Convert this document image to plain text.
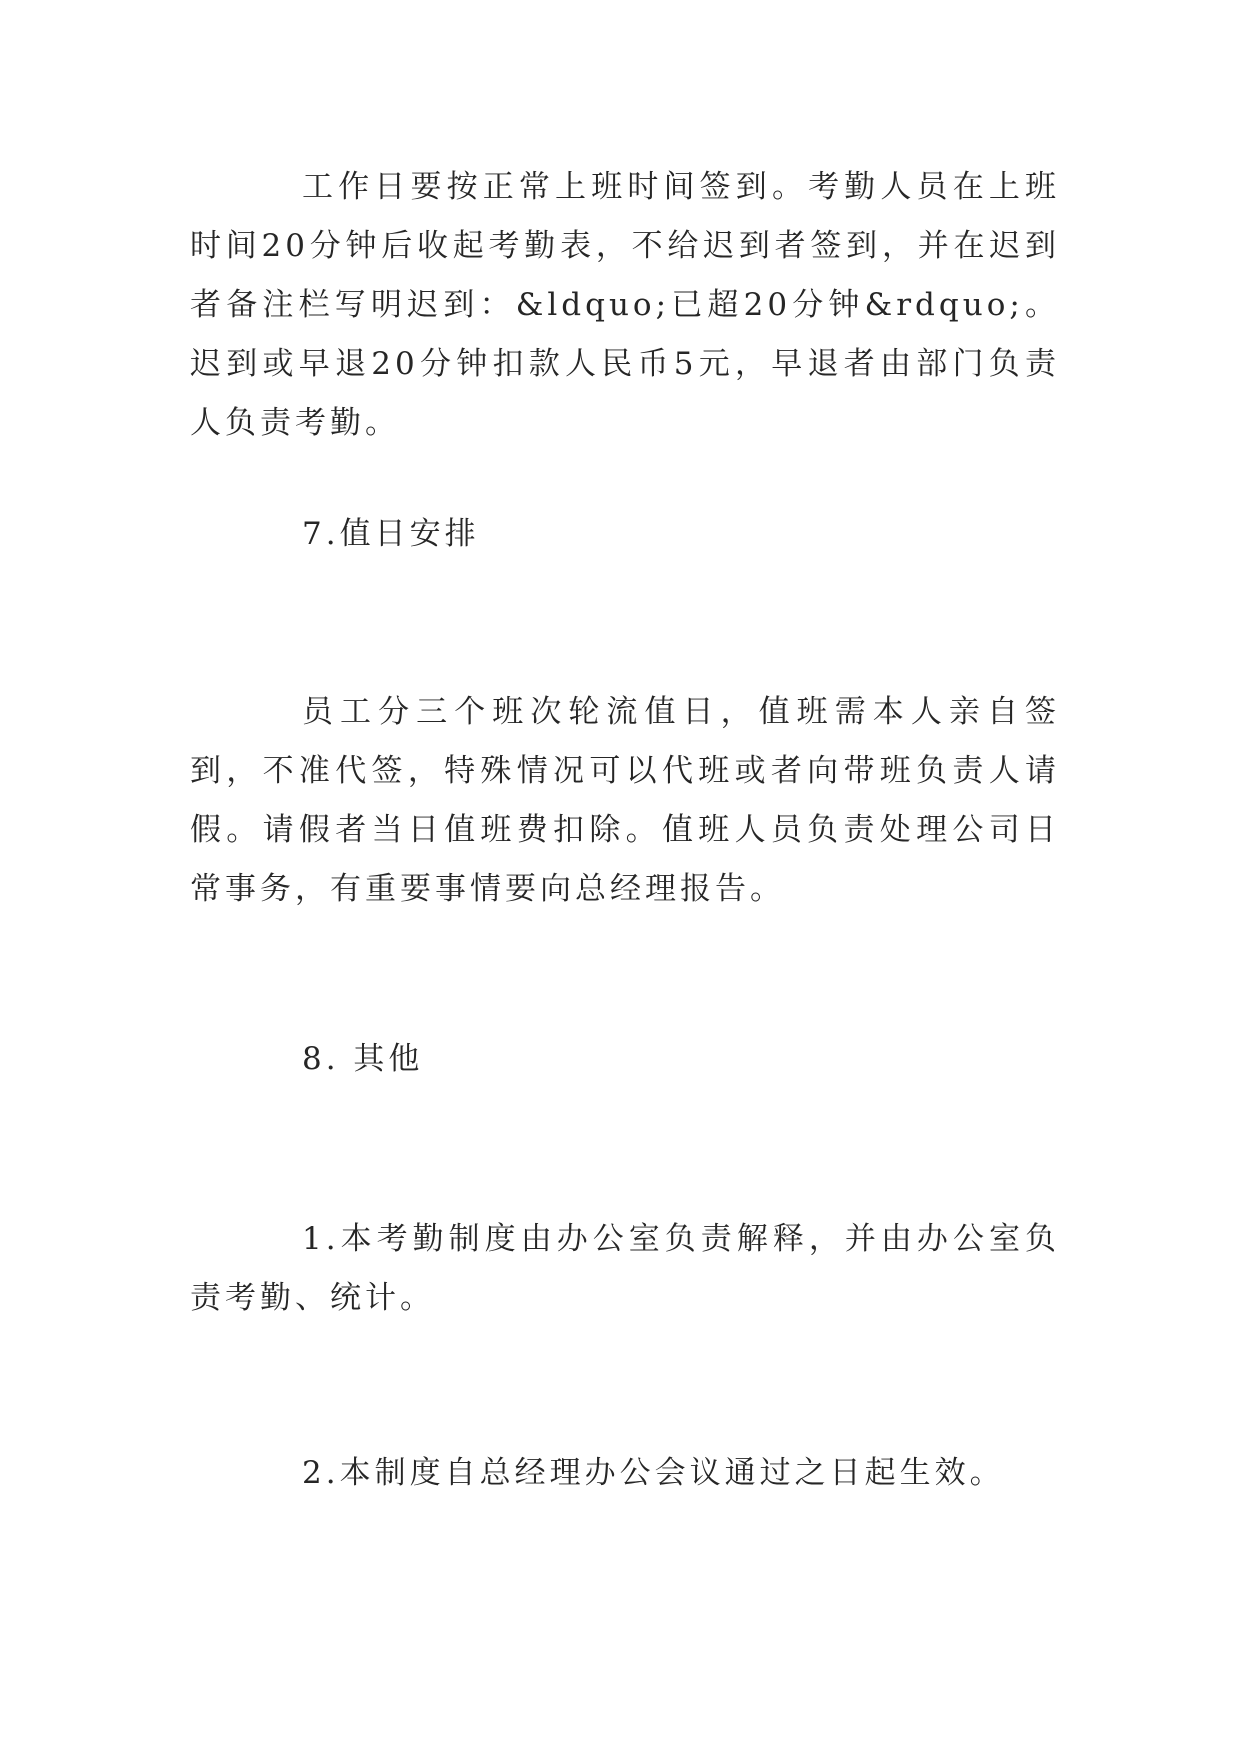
工作日要按正常上班时间签到。考勤人员在上班时间20分钟后收起考勤表，不给迟到者签到，并在迟到者备注栏写明迟到：&ldquo;已超20分钟&rdquo;。迟到或早退20分钟扣款人民币5元，早退者由部门负责人负责考勤。

7.值日安排

员工分三个班次轮流值日，值班需本人亲自签到，不准代签，特殊情况可以代班或者向带班负责人请假。请假者当日值班费扣除。值班人员负责处理公司日常事务，有重要事情要向总经理报告。

8. 其他

1.本考勤制度由办公室负责解释，并由办公室负责考勤、统计。

2.本制度自总经理办公会议通过之日起生效。
